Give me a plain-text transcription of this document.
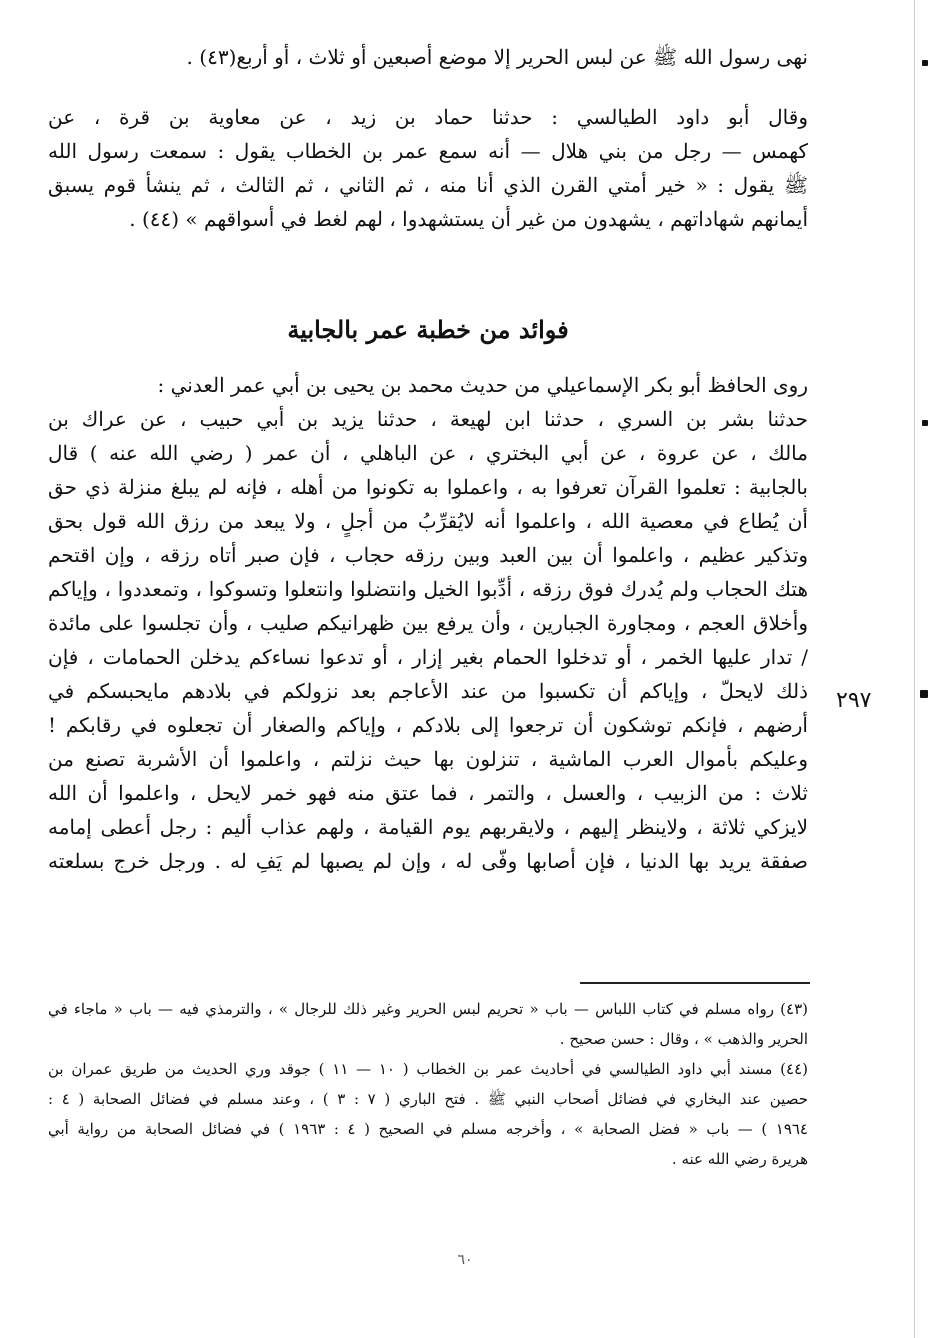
نهى رسول الله ﷺ عن لبس الحرير إلا موضع أصبعين أو ثلاث ، أو أربع(٤٣) .
وقال أبو داود الطيالسي : حدثنا حماد بن زيد ، عن معاوية بن قرة ، عن
كهمس — رجل من بني هلال — أنه سمع عمر بن الخطاب يقول : سمعت رسول الله
ﷺ يقول : « خير أمتي القرن الذي أنا منه ، ثم الثاني ، ثم الثالث ، ثم ينشأ قوم يسبق
أيمانهم شهاداتهم ، يشهدون من غير أن يستشهدوا ، لهم لغط في أسواقهم » (٤٤) .
فوائد من خطبة عمر بالجابية
روى الحافظ أبو بكر الإسماعيلي من حديث محمد بن يحيى بن أبي عمر العدني :
حدثنا بشر بن السري ، حدثنا ابن لهيعة ، حدثنا يزيد بن أبي حبيب ، عن عراك بن
مالك ، عن عروة ، عن أبي البختري ، عن الباهلي ، أن عمر ( رضي الله عنه ) قال
بالجابية : تعلموا القرآن تعرفوا به ، واعملوا به تكونوا من أهله ، فإنه لم يبلغ منزلة ذي حق
أن يُطاع في معصية الله ، واعلموا أنه لايُقرِّبُ من أجلٍ ، ولا يبعد من رزق الله قول بحق
وتذكير عظيم ، واعلموا أن بين العبد وبين رزقه حجاب ، فإن صبر أتاه رزقه ، وإن اقتحم
هتك الحجاب ولم يُدرك فوق رزقه ، أدِّبوا الخيل وانتضلوا وانتعلوا وتسوكوا ، وتمعددوا ، وإياكم
وأخلاق العجم ، ومجاورة الجبارين ، وأن يرفع بين ظهرانيكم صليب ، وأن تجلسوا على مائدة
/ تدار عليها الخمر ، أو تدخلوا الحمام بغير إزار ، أو تدعوا نساءكم يدخلن الحمامات ، فإن
ذلك لايحلّ ، وإياكم أن تكسبوا من عند الأعاجم بعد نزولكم في بلادهم مايحبسكم في
أرضهم ، فإنكم توشكون أن ترجعوا إلى بلادكم ، وإياكم والصغار أن تجعلوه في رقابكم !
وعليكم بأموال العرب الماشية ، تنزلون بها حيث نزلتم ، واعلموا أن الأشربة تصنع من
ثلاث : من الزبيب ، والعسل ، والتمر ، فما عتق منه فهو خمر لايحل ، واعلموا أن الله
لايزكي ثلاثة ، ولاينظر إليهم ، ولايقربهم يوم القيامة ، ولهم عذاب أليم : رجل أعطى إمامه
صفقة يريد بها الدنيا ، فإن أصابها وفّى له ، وإن لم يصبها لم يَفِ له . ورجل خرج بسلعته
٢٩٧
(٤٣) رواه مسلم في كتاب اللباس — باب « تحريم لبس الحرير وغير ذلك للرجال » ، والترمذي فيه — باب « ماجاء في
الحرير والذهب » ، وقال : حسن صحيح .
(٤٤) مسند أبي داود الطيالسي في أحاديث عمر بن الخطاب ( ١٠ — ١١ ) جوقد وري الحديث من طريق عمران بن
حصين عند البخاري في فضائل أصحاب النبي ﷺ . فتح الباري ( ٧ : ٣ ) ، وعند مسلم في فضائل الصحابة ( ٤ :
١٩٦٤ ) — باب « فضل الصحابة » ، وأخرجه مسلم في الصحيح ( ٤ : ١٩٦٣ ) في فضائل الصحابة من رواية أبي
هريرة رضي الله عنه .
٦٠
